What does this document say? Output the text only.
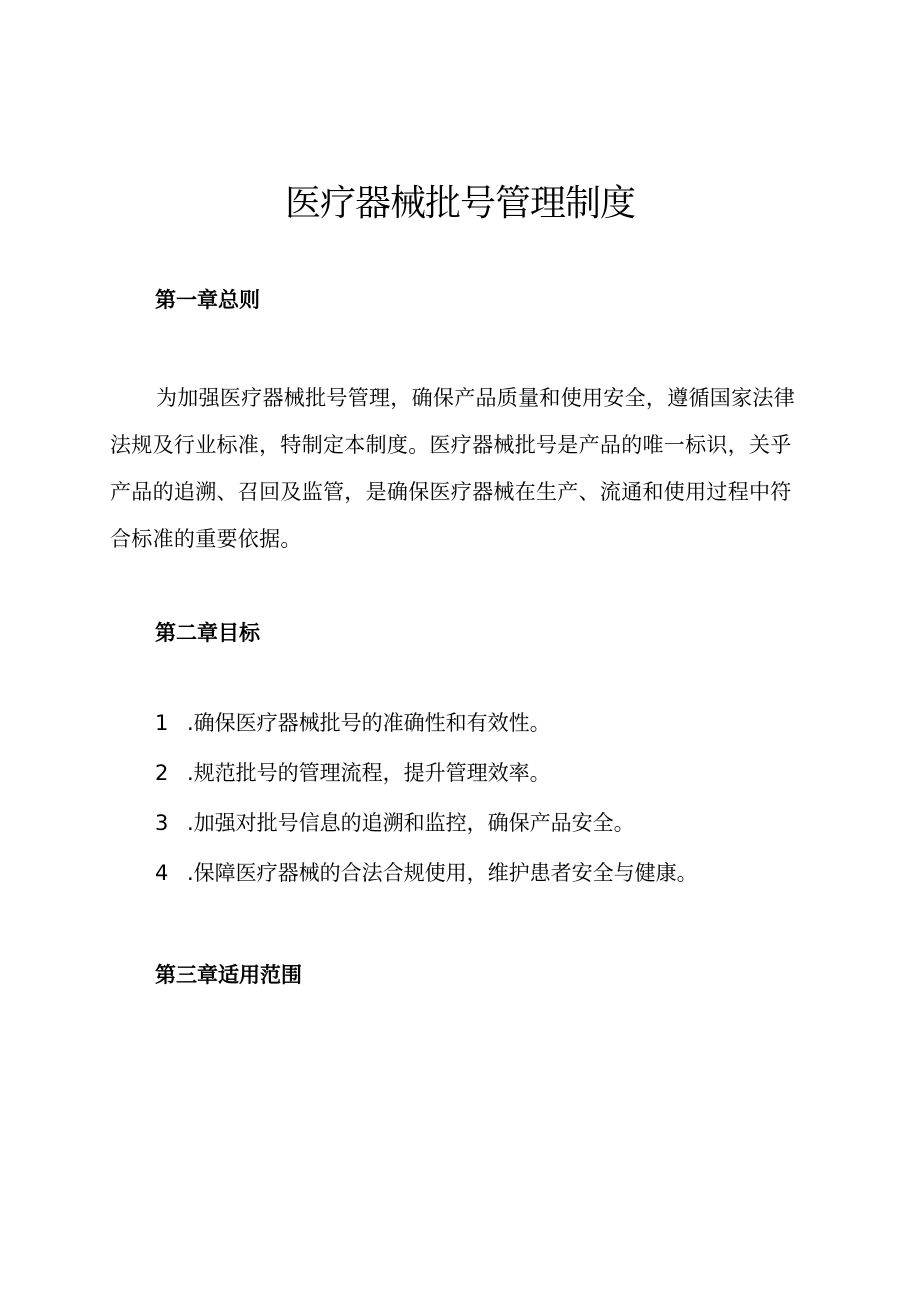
医疗器械批号管理制度
第一章总则

为加强医疗器械批号管理，确保产品质量和使用安全，遵循国家法律法规及行业标准，特制定本制度。医疗器械批号是产品的唯一标识，关乎产品的追溯、召回及监管，是确保医疗器械在生产、流通和使用过程中符合标准的重要依据。

第二章目标
1 .确保医疗器械批号的准确性和有效性。
2 .规范批号的管理流程，提升管理效率。
3 .加强对批号信息的追溯和监控，确保产品安全。
4 .保障医疗器械的合法合规使用，维护患者安全与健康。
第三章适用范围
